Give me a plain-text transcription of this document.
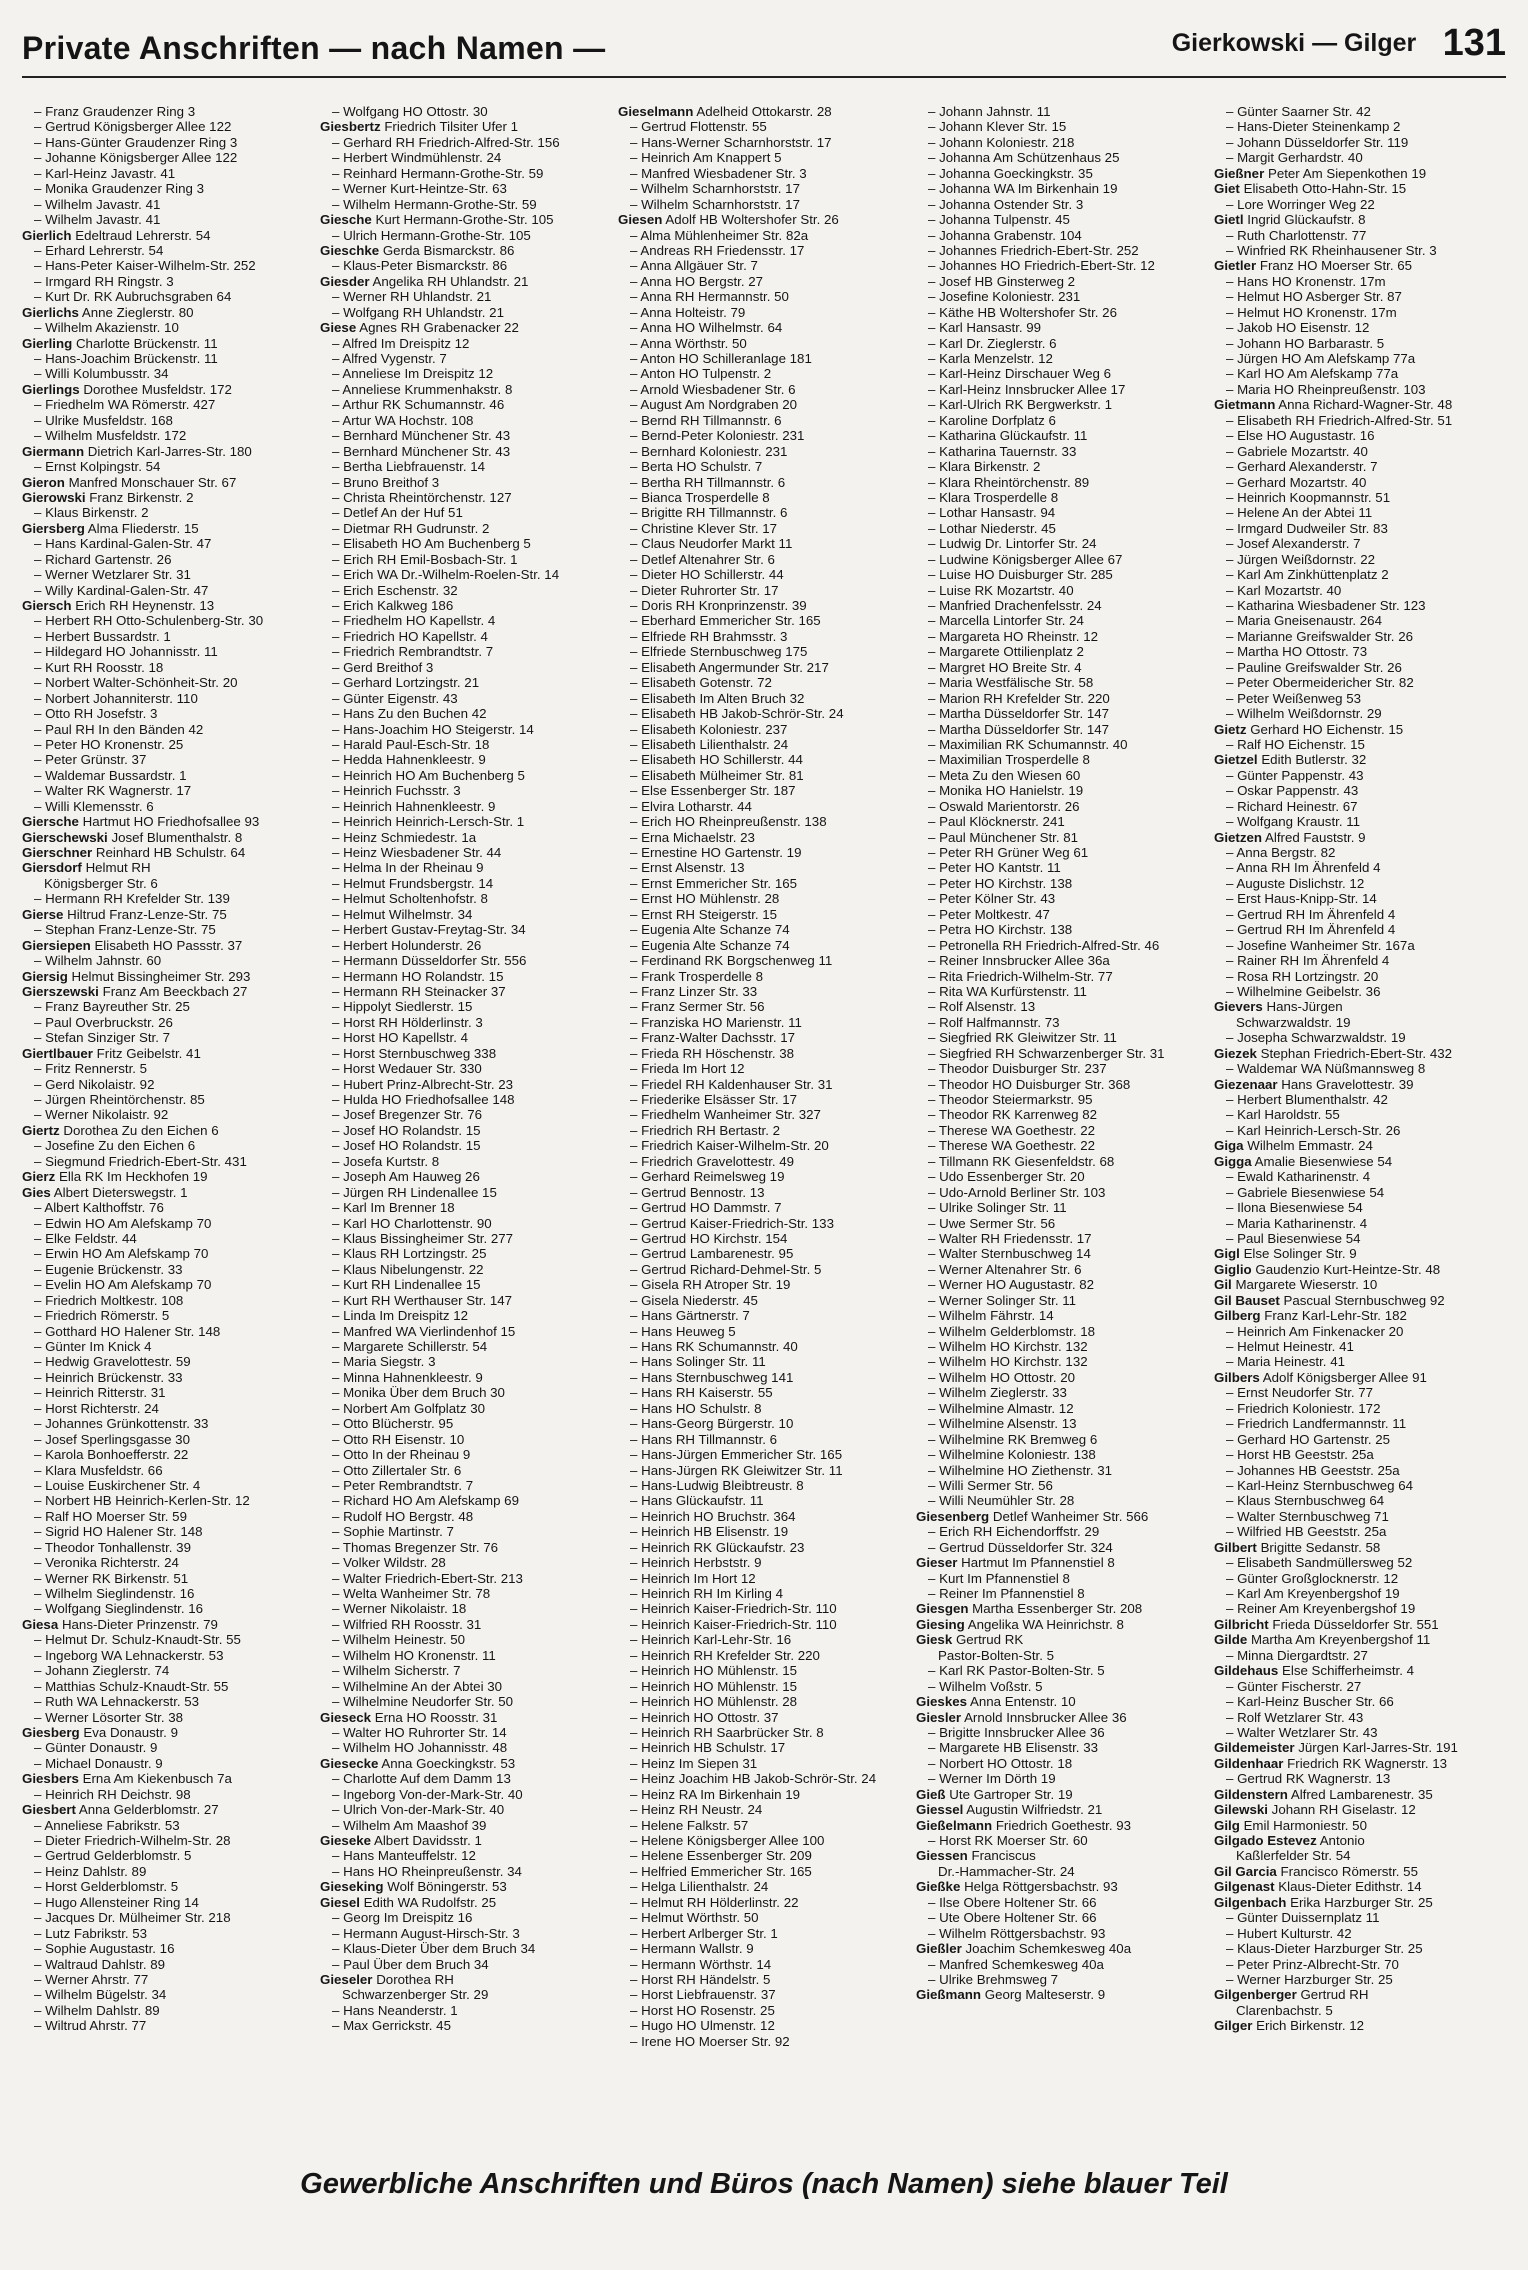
Private Anschriften — nach Namen —	Gierkowski — Gilger 131
– Franz Graudenzer Ring 3
– Gertrud Königsberger Allee 122
– Hans-Günter Graudenzer Ring 3
– Johanne Königsberger Allee 122
– Karl-Heinz Javastr. 41
– Monika Graudenzer Ring 3
– Wilhelm Javastr. 41
– Wilhelm Javastr. 41
Gierlich Edeltraud Lehrerstr. 54
– Erhard Lehrerstr. 54
– Hans-Peter Kaiser-Wilhelm-Str. 252
– Irmgard RH Ringstr. 3
– Kurt Dr. RK Aubruchsgraben 64
Gierlichs Anne Zieglerstr. 80
– Wilhelm Akazienstr. 10
Gierling Charlotte Brückenstr. 11
– Hans-Joachim Brückenstr. 11
– Willi Kolumbusstr. 34
Gierlings Dorothee Musfeldstr. 172
– Friedhelm WA Römerstr. 427
– Ulrike Musfeldstr. 168
– Wilhelm Musfeldstr. 172
Giermann Dietrich Karl-Jarres-Str. 180
– Ernst Kolpingstr. 54
Gieron Manfred Monschauer Str. 67
Gierowski Franz Birkenstr. 2
– Klaus Birkenstr. 2
Giersberg Alma Fliederstr. 15
– Hans Kardinal-Galen-Str. 47
– Richard Gartenstr. 26
– Werner Wetzlarer Str. 31
– Willy Kardinal-Galen-Str. 47
Giersch Erich RH Heynenstr. 13
– Herbert RH Otto-Schulenberg-Str. 30
– Herbert Bussardstr. 1
– Hildegard HO Johannisstr. 11
– Kurt RH Roosstr. 18
– Norbert Walter-Schönheit-Str. 20
– Norbert Johanniterstr. 110
– Otto RH Josefstr. 3
– Paul RH In den Bänden 42
– Peter HO Kronenstr. 25
– Peter Grünstr. 37
– Waldemar Bussardstr. 1
– Walter RK Wagnerstr. 17
– Willi Klemensstr. 6
Giersche Hartmut HO Friedhofsallee 93
Gierschewski Josef Blumenthalstr. 8
Gierschner Reinhard HB Schulstr. 64
Giersdorf Helmut RH
Königsberger Str. 6
– Hermann RH Krefelder Str. 139
Gierse Hiltrud Franz-Lenze-Str. 75
– Stephan Franz-Lenze-Str. 75
Giersiepen Elisabeth HO Passstr. 37
– Wilhelm Jahnstr. 60
Giersig Helmut Bissingheimer Str. 293
Gierszewski Franz Am Beeckbach 27
– Franz Bayreuther Str. 25
– Paul Overbruckstr. 26
– Stefan Sinziger Str. 7
Giertlbauer Fritz Geibelstr. 41
– Fritz Rennerstr. 5
– Gerd Nikolaistr. 92
– Jürgen Rheintörchenstr. 85
– Werner Nikolaistr. 92
Giertz Dorothea Zu den Eichen 6
– Josefine Zu den Eichen 6
– Siegmund Friedrich-Ebert-Str. 431
Gierz Ella RK Im Heckhofen 19
Gies Albert Dieterswegstr. 1
– Albert Kalthoffstr. 76
– Edwin HO Am Alefskamp 70
– Elke Feldstr. 44
– Erwin HO Am Alefskamp 70
– Eugenie Brückenstr. 33
– Evelin HO Am Alefskamp 70
– Friedrich Moltkestr. 108
– Friedrich Römerstr. 5
– Gotthard HO Halener Str. 148
– Günter Im Knick 4
– Hedwig Gravelottestr. 59
– Heinrich Brückenstr. 33
– Heinrich Ritterstr. 31
– Horst Richterstr. 24
– Johannes Grünkottenstr. 33
– Josef Sperlingsgasse 30
– Karola Bonhoefferstr. 22
– Klara Musfeldstr. 66
– Louise Euskirchener Str. 4
– Norbert HB Heinrich-Kerlen-Str. 12
– Ralf HO Moerser Str. 59
– Sigrid HO Halener Str. 148
– Theodor Tonhallenstr. 39
– Veronika Richterstr. 24
– Werner RK Birkenstr. 51
– Wilhelm Sieglindenstr. 16
– Wolfgang Sieglindenstr. 16
Giesa Hans-Dieter Prinzenstr. 79
– Helmut Dr. Schulz-Knaudt-Str. 55
– Ingeborg WA Lehnackerstr. 53
– Johann Zieglerstr. 74
– Matthias Schulz-Knaudt-Str. 55
– Ruth WA Lehnackerstr. 53
– Werner Lösorter Str. 38
Giesberg Eva Donaustr. 9
– Günter Donaustr. 9
– Michael Donaustr. 9
Giesbers Erna Am Kiekenbusch 7a
– Heinrich RH Deichstr. 98
Giesbert Anna Gelderblomstr. 27
– Anneliese Fabrikstr. 53
– Dieter Friedrich-Wilhelm-Str. 28
– Gertrud Gelderblomstr. 5
– Heinz Dahlstr. 89
– Horst Gelderblomstr. 5
– Hugo Allensteiner Ring 14
– Jacques Dr. Mülheimer Str. 218
– Lutz Fabrikstr. 53
– Sophie Augustastr. 16
– Waltraud Dahlstr. 89
– Werner Ahrstr. 77
– Wilhelm Bügelstr. 34
– Wilhelm Dahlstr. 89
– Wiltrud Ahrstr. 77
– Wolfgang HO Ottostr. 30
Giesbertz Friedrich Tilsiter Ufer 1
– Gerhard RH Friedrich-Alfred-Str. 156
– Herbert Windmühlenstr. 24
– Reinhard Hermann-Grothe-Str. 59
– Werner Kurt-Heintze-Str. 63
– Wilhelm Hermann-Grothe-Str. 59
Giesche Kurt Hermann-Grothe-Str. 105
– Ulrich Hermann-Grothe-Str. 105
Gieschke Gerda Bismarckstr. 86
– Klaus-Peter Bismarckstr. 86
Giesder Angelika RH Uhlandstr. 21
– Werner RH Uhlandstr. 21
– Wolfgang RH Uhlandstr. 21
Giese Agnes RH Grabenacker 22
– Alfred Im Dreispitz 12
– Alfred Vygenstr. 7
– Anneliese Im Dreispitz 12
– Anneliese Krummenhakstr. 8
– Arthur RK Schumannstr. 46
– Artur WA Hochstr. 108
– Bernhard Münchener Str. 43
– Bernhard Münchener Str. 43
– Bertha Liebfrauenstr. 14
– Bruno Breithof 3
– Christa Rheintörchenstr. 127
– Detlef An der Huf 51
– Dietmar RH Gudrunstr. 2
– Elisabeth HO Am Buchenberg 5
– Erich RH Emil-Bosbach-Str. 1
– Erich WA Dr.-Wilhelm-Roelen-Str. 14
– Erich Eschenstr. 32
– Erich Kalkweg 186
– Friedhelm HO Kapellstr. 4
– Friedrich HO Kapellstr. 4
– Friedrich Rembrandtstr. 7
– Gerd Breithof 3
– Gerhard Lortzingstr. 21
– Günter Eigenstr. 43
– Hans Zu den Buchen 42
– Hans-Joachim HO Steigerstr. 14
– Harald Paul-Esch-Str. 18
– Hedda Hahnenkleestr. 9
– Heinrich HO Am Buchenberg 5
– Heinrich Fuchsstr. 3
– Heinrich Hahnenkleestr. 9
– Heinrich Heinrich-Lersch-Str. 1
– Heinz Schmiedestr. 1a
– Heinz Wiesbadener Str. 44
– Helma In der Rheinau 9
– Helmut Frundsbergstr. 14
– Helmut Scholtenhofstr. 8
– Helmut Wilhelmstr. 34
– Herbert Gustav-Freytag-Str. 34
– Herbert Holunderstr. 26
– Hermann Düsseldorfer Str. 556
– Hermann HO Rolandstr. 15
– Hermann RH Steinacker 37
– Hippolyt Siedlerstr. 15
– Horst RH Hölderlinstr. 3
– Horst HO Kapellstr. 4
– Horst Sternbuschweg 338
– Horst Wedauer Str. 330
– Hubert Prinz-Albrecht-Str. 23
– Hulda HO Friedhofsallee 148
– Josef Bregenzer Str. 76
– Josef HO Rolandstr. 15
– Josef HO Rolandstr. 15
– Josefa Kurtstr. 8
– Joseph Am Hauweg 26
– Jürgen RH Lindenallee 15
– Karl Im Brenner 18
– Karl HO Charlottenstr. 90
– Klaus Bissingheimer Str. 277
– Klaus RH Lortzingstr. 25
– Klaus Nibelungenstr. 22
– Kurt RH Lindenallee 15
– Kurt RH Werthauser Str. 147
– Linda Im Dreispitz 12
– Manfred WA Vierlindenhof 15
– Margarete Schillerstr. 54
– Maria Siegstr. 3
– Minna Hahnenkleestr. 9
– Monika Über dem Bruch 30
– Norbert Am Golfplatz 30
– Otto Blücherstr. 95
– Otto RH Eisenstr. 10
– Otto In der Rheinau 9
– Otto Zillertaler Str. 6
– Peter Rembrandtstr. 7
– Richard HO Am Alefskamp 69
– Rudolf HO Bergstr. 48
– Sophie Martinstr. 7
– Thomas Bregenzer Str. 76
– Volker Wildstr. 28
– Walter Friedrich-Ebert-Str. 213
– Welta Wanheimer Str. 78
– Werner Nikolaistr. 18
– Wilfried RH Roosstr. 31
– Wilhelm Heinestr. 50
– Wilhelm HO Kronenstr. 11
– Wilhelm Sicherstr. 7
– Wilhelmine An der Abtei 30
– Wilhelmine Neudorfer Str. 50
Gieseck Erna HO Roosstr. 31
– Walter HO Ruhrorter Str. 14
– Wilhelm HO Johannisstr. 48
Giesecke Anna Goeckingkstr. 53
– Charlotte Auf dem Damm 13
– Ingeborg Von-der-Mark-Str. 40
– Ulrich Von-der-Mark-Str. 40
– Wilhelm Am Maashof 39
Gieseke Albert Davidsstr. 1
– Hans Manteuffelstr. 12
– Hans HO Rheinpreußenstr. 34
Gieseking Wolf Böningerstr. 53
Giesel Edith WA Rudolfstr. 25
– Georg Im Dreispitz 16
– Hermann August-Hirsch-Str. 3
– Klaus-Dieter Über dem Bruch 34
– Paul Über dem Bruch 34
Gieseler Dorothea RH
Schwarzenberger Str. 29
– Hans Neanderstr. 1
– Max Gerrickstr. 45
Gieselmann Adelheid Ottokarstr. 28
– Gertrud Flottenstr. 55
– Hans-Werner Scharnhorststr. 17
– Heinrich Am Knappert 5
– Manfred Wiesbadener Str. 3
– Wilhelm Scharnhorststr. 17
– Wilhelm Scharnhorststr. 17
Giesen Adolf HB Woltershofer Str. 26
– Alma Mühlenheimer Str. 82a
– Andreas RH Friedensstr. 17
– Anna Allgäuer Str. 7
– Anna HO Bergstr. 27
– Anna RH Hermannstr. 50
– Anna Holteistr. 79
– Anna HO Wilhelmstr. 64
– Anna Wörthstr. 50
– Anton HO Schilleranlage 181
– Anton HO Tulpenstr. 2
– Arnold Wiesbadener Str. 6
– August Am Nordgraben 20
– Bernd RH Tillmannstr. 6
– Bernd-Peter Koloniestr. 231
– Bernhard Koloniestr. 231
– Berta HO Schulstr. 7
– Bertha RH Tillmannstr. 6
– Bianca Trosperdelle 8
– Brigitte RH Tillmannstr. 6
– Christine Klever Str. 17
– Claus Neudorfer Markt 11
– Detlef Altenahrer Str. 6
– Dieter HO Schillerstr. 44
– Dieter Ruhrorter Str. 17
– Doris RH Kronprinzenstr. 39
– Eberhard Emmericher Str. 165
– Elfriede RH Brahmsstr. 3
– Elfriede Sternbuschweg 175
– Elisabeth Angermunder Str. 217
– Elisabeth Gotenstr. 72
– Elisabeth Im Alten Bruch 32
– Elisabeth HB Jakob-Schrör-Str. 24
– Elisabeth Koloniestr. 237
– Elisabeth Lilienthalstr. 24
– Elisabeth HO Schillerstr. 44
– Elisabeth Mülheimer Str. 81
– Else Essenberger Str. 187
– Elvira Lotharstr. 44
– Erich HO Rheinpreußenstr. 138
– Erna Michaelstr. 23
– Ernestine HO Gartenstr. 19
– Ernst Alsenstr. 13
– Ernst Emmericher Str. 165
– Ernst HO Mühlenstr. 28
– Ernst RH Steigerstr. 15
– Eugenia Alte Schanze 74
– Eugenia Alte Schanze 74
– Ferdinand RK Borgschenweg 11
– Frank Trosperdelle 8
– Franz Linzer Str. 33
– Franz Sermer Str. 56
– Franziska HO Marienstr. 11
– Franz-Walter Dachsstr. 17
– Frieda RH Höschenstr. 38
– Frieda Im Hort 12
– Friedel RH Kaldenhauser Str. 31
– Friederike Elsässer Str. 17
– Friedhelm Wanheimer Str. 327
– Friedrich RH Bertastr. 2
– Friedrich Kaiser-Wilhelm-Str. 20
– Friedrich Gravelottestr. 49
– Gerhard Reimelsweg 19
– Gertrud Bennostr. 13
– Gertrud HO Dammstr. 7
– Gertrud Kaiser-Friedrich-Str. 133
– Gertrud HO Kirchstr. 154
– Gertrud Lambarenestr. 95
– Gertrud Richard-Dehmel-Str. 5
– Gisela RH Atroper Str. 19
– Gisela Niederstr. 45
– Hans Gärtnerstr. 7
– Hans Heuweg 5
– Hans RK Schumannstr. 40
– Hans Solinger Str. 11
– Hans Sternbuschweg 141
– Hans RH Kaiserstr. 55
– Hans HO Schulstr. 8
– Hans-Georg Bürgerstr. 10
– Hans RH Tillmannstr. 6
– Hans-Jürgen Emmericher Str. 165
– Hans-Jürgen RK Gleiwitzer Str. 11
– Hans-Ludwig Bleibtreustr. 8
– Hans Glückaufstr. 11
– Heinrich HO Bruchstr. 364
– Heinrich HB Elisenstr. 19
– Heinrich RK Glückaufstr. 23
– Heinrich Herbststr. 9
– Heinrich Im Hort 12
– Heinrich RH Im Kirling 4
– Heinrich Kaiser-Friedrich-Str. 110
– Heinrich Kaiser-Friedrich-Str. 110
– Heinrich Karl-Lehr-Str. 16
– Heinrich RH Krefelder Str. 220
– Heinrich HO Mühlenstr. 15
– Heinrich HO Mühlenstr. 15
– Heinrich HO Mühlenstr. 28
– Heinrich HO Ottostr. 37
– Heinrich RH Saarbrücker Str. 8
– Heinrich HB Schulstr. 17
– Heinz Im Siepen 31
– Heinz Joachim HB Jakob-Schrör-Str. 24
– Heinz RA Im Birkenhain 19
– Heinz RH Neustr. 24
– Helene Falkstr. 57
– Helene Königsberger Allee 100
– Helene Essenberger Str. 209
– Helfried Emmericher Str. 165
– Helga Lilienthalstr. 24
– Helmut RH Hölderlinstr. 22
– Helmut Wörthstr. 50
– Herbert Arlberger Str. 1
– Hermann Wallstr. 9
– Hermann Wörthstr. 14
– Horst RH Händelstr. 5
– Horst Liebfrauenstr. 37
– Horst HO Rosenstr. 25
– Hugo HO Ulmenstr. 12
– Irene HO Moerser Str. 92
– Johann Jahnstr. 11
– Johann Klever Str. 15
– Johann Koloniestr. 218
– Johanna Am Schützenhaus 25
– Johanna Goeckingkstr. 35
– Johanna WA Im Birkenhain 19
– Johanna Ostender Str. 3
– Johanna Tulpenstr. 45
– Johanna Grabenstr. 104
– Johannes Friedrich-Ebert-Str. 252
– Johannes HO Friedrich-Ebert-Str. 12
– Josef HB Ginsterweg 2
– Josefine Koloniestr. 231
– Käthe HB Woltershofer Str. 26
– Karl Hansastr. 99
– Karl Dr. Zieglerstr. 6
– Karla Menzelstr. 12
– Karl-Heinz Dirschauer Weg 6
– Karl-Heinz Innsbrucker Allee 17
– Karl-Ulrich RK Bergwerkstr. 1
– Karoline Dorfplatz 6
– Katharina Glückaufstr. 11
– Katharina Tauernstr. 33
– Klara Birkenstr. 2
– Klara Rheintörchenstr. 89
– Klara Trosperdelle 8
– Lothar Hansastr. 94
– Lothar Niederstr. 45
– Ludwig Dr. Lintorfer Str. 24
– Ludwine Königsberger Allee 67
– Luise HO Duisburger Str. 285
– Luise RK Mozartstr. 40
– Manfried Drachenfelsstr. 24
– Marcella Lintorfer Str. 24
– Margareta HO Rheinstr. 12
– Margarete Ottilienplatz 2
– Margret HO Breite Str. 4
– Maria Westfälische Str. 58
– Marion RH Krefelder Str. 220
– Martha Düsseldorfer Str. 147
– Martha Düsseldorfer Str. 147
– Maximilian RK Schumannstr. 40
– Maximilian Trosperdelle 8
– Meta Zu den Wiesen 60
– Monika HO Hanielstr. 19
– Oswald Marientorstr. 26
– Paul Klöcknerstr. 241
– Paul Münchener Str. 81
– Peter RH Grüner Weg 61
– Peter HO Kantstr. 11
– Peter HO Kirchstr. 138
– Peter Kölner Str. 43
– Peter Moltkestr. 47
– Petra HO Kirchstr. 138
– Petronella RH Friedrich-Alfred-Str. 46
– Reiner Innsbrucker Allee 36a
– Rita Friedrich-Wilhelm-Str. 77
– Rita WA Kurfürstenstr. 11
– Rolf Alsenstr. 13
– Rolf Halfmannstr. 73
– Siegfried RK Gleiwitzer Str. 11
– Siegfried RH Schwarzenberger Str. 31
– Theodor Duisburger Str. 237
– Theodor HO Duisburger Str. 368
– Theodor Steiermarkstr. 95
– Theodor RK Karrenweg 82
– Therese WA Goethestr. 22
– Therese WA Goethestr. 22
– Tillmann RK Giesenfeldstr. 68
– Udo Essenberger Str. 20
– Udo-Arnold Berliner Str. 103
– Ulrike Solinger Str. 11
– Uwe Sermer Str. 56
– Walter RH Friedensstr. 17
– Walter Sternbuschweg 14
– Werner Altenahrer Str. 6
– Werner HO Augustastr. 82
– Werner Solinger Str. 11
– Wilhelm Fährstr. 14
– Wilhelm Gelderblomstr. 18
– Wilhelm HO Kirchstr. 132
– Wilhelm HO Kirchstr. 132
– Wilhelm HO Ottostr. 20
– Wilhelm Zieglerstr. 33
– Wilhelmine Almastr. 12
– Wilhelmine Alsenstr. 13
– Wilhelmine RK Bremweg 6
– Wilhelmine Koloniestr. 138
– Wilhelmine HO Ziethenstr. 31
– Willi Sermer Str. 56
– Willi Neumühler Str. 28
Giesenberg Detlef Wanheimer Str. 566
– Erich RH Eichendorffstr. 29
– Gertrud Düsseldorfer Str. 324
Gieser Hartmut Im Pfannenstiel 8
– Kurt Im Pfannenstiel 8
– Reiner Im Pfannenstiel 8
Giesgen Martha Essenberger Str. 208
Giesing Angelika WA Heinrichstr. 8
Giesk Gertrud RK
Pastor-Bolten-Str. 5
– Karl RK Pastor-Bolten-Str. 5
– Wilhelm Voßstr. 5
Gieskes Anna Entenstr. 10
Giesler Arnold Innsbrucker Allee 36
– Brigitte Innsbrucker Allee 36
– Margarete HB Elisenstr. 33
– Norbert HO Ottostr. 18
– Werner Im Dörth 19
Gieß Ute Gartroper Str. 19
Giessel Augustin Wilfriedstr. 21
Gießelmann Friedrich Goethestr. 93
– Horst RK Moerser Str. 60
Giessen Franciscus
Dr.-Hammacher-Str. 24
Gießke Helga Röttgersbachstr. 93
– Ilse Obere Holtener Str. 66
– Ute Obere Holtener Str. 66
– Wilhelm Röttgersbachstr. 93
Gießler Joachim Schemkesweg 40a
– Manfred Schemkesweg 40a
– Ulrike Brehmsweg 7
Gießmann Georg Malteserstr. 9
– Günter Saarner Str. 42
– Hans-Dieter Steinenkamp 2
– Johann Düsseldorfer Str. 119
– Margit Gerhardstr. 40
Gießner Peter Am Siepenkothen 19
Giet Elisabeth Otto-Hahn-Str. 15
– Lore Worringer Weg 22
Gietl Ingrid Glückaufstr. 8
– Ruth Charlottenstr. 77
– Winfried RK Rheinhausener Str. 3
Gietler Franz HO Moerser Str. 65
– Hans HO Kronenstr. 17m
– Helmut HO Asberger Str. 87
– Helmut HO Kronenstr. 17m
– Jakob HO Eisenstr. 12
– Johann HO Barbarastr. 5
– Jürgen HO Am Alefskamp 77a
– Karl HO Am Alefskamp 77a
– Maria HO Rheinpreußenstr. 103
Gietmann Anna Richard-Wagner-Str. 48
– Elisabeth RH Friedrich-Alfred-Str. 51
– Else HO Augustastr. 16
– Gabriele Mozartstr. 40
– Gerhard Alexanderstr. 7
– Gerhard Mozartstr. 40
– Heinrich Koopmannstr. 51
– Helene An der Abtei 11
– Irmgard Dudweiler Str. 83
– Josef Alexanderstr. 7
– Jürgen Weißdornstr. 22
– Karl Am Zinkhüttenplatz 2
– Karl Mozartstr. 40
– Katharina Wiesbadener Str. 123
– Maria Gneisenaustr. 264
– Marianne Greifswalder Str. 26
– Martha HO Ottostr. 73
– Pauline Greifswalder Str. 26
– Peter Obermeidericher Str. 82
– Peter Weißenweg 53
– Wilhelm Weißdornstr. 29
Gietz Gerhard HO Eichenstr. 15
– Ralf HO Eichenstr. 15
Gietzel Edith Butlerstr. 32
– Günter Pappenstr. 43
– Oskar Pappenstr. 43
– Richard Heinestr. 67
– Wolfgang Kraustr. 11
Gietzen Alfred Fauststr. 9
– Anna Bergstr. 82
– Anna RH Im Ährenfeld 4
– Auguste Dislichstr. 12
– Erst Haus-Knipp-Str. 14
– Gertrud RH Im Ährenfeld 4
– Gertrud RH Im Ährenfeld 4
– Josefine Wanheimer Str. 167a
– Rainer RH Im Ährenfeld 4
– Rosa RH Lortzingstr. 20
– Wilhelmine Geibelstr. 36
Gievers Hans-Jürgen
Schwarzwaldstr. 19
– Josepha Schwarzwaldstr. 19
Giezek Stephan Friedrich-Ebert-Str. 432
– Waldemar WA Nüßmannsweg 8
Giezenaar Hans Gravelottestr. 39
– Herbert Blumenthalstr. 42
– Karl Haroldstr. 55
– Karl Heinrich-Lersch-Str. 26
Giga Wilhelm Emmastr. 24
Gigga Amalie Biesenwiese 54
– Ewald Katharinenstr. 4
– Gabriele Biesenwiese 54
– Ilona Biesenwiese 54
– Maria Katharinenstr. 4
– Paul Biesenwiese 54
Gigl Else Solinger Str. 9
Giglio Gaudenzio Kurt-Heintze-Str. 48
Gil Margarete Wieserstr. 10
Gil Bauset Pascual Sternbuschweg 92
Gilberg Franz Karl-Lehr-Str. 182
– Heinrich Am Finkenacker 20
– Helmut Heinestr. 41
– Maria Heinestr. 41
Gilbers Adolf Königsberger Allee 91
– Ernst Neudorfer Str. 77
– Friedrich Koloniestr. 172
– Friedrich Landfermannstr. 11
– Gerhard HO Gartenstr. 25
– Horst HB Geeststr. 25a
– Johannes HB Geeststr. 25a
– Karl-Heinz Sternbuschweg 64
– Klaus Sternbuschweg 64
– Walter Sternbuschweg 71
– Wilfried HB Geeststr. 25a
Gilbert Brigitte Sedanstr. 58
– Elisabeth Sandmüllersweg 52
– Günter Großglocknerstr. 12
– Karl Am Kreyenbergshof 19
– Reiner Am Kreyenbergshof 19
Gilbricht Frieda Düsseldorfer Str. 551
Gilde Martha Am Kreyenbergshof 11
– Minna Diergardtstr. 27
Gildehaus Else Schifferheimstr. 4
– Günter Fischerstr. 27
– Karl-Heinz Buscher Str. 66
– Rolf Wetzlarer Str. 43
– Walter Wetzlarer Str. 43
Gildemeister Jürgen Karl-Jarres-Str. 191
Gildenhaar Friedrich RK Wagnerstr. 13
– Gertrud RK Wagnerstr. 13
Gildenstern Alfred Lambarenestr. 35
Gilewski Johann RH Giselastr. 12
Gilg Emil Harmoniestr. 50
Gilgado Estevez Antonio
Kaßlerfelder Str. 54
Gil Garcia Francisco Römerstr. 55
Gilgenast Klaus-Dieter Edithstr. 14
Gilgenbach Erika Harzburger Str. 25
– Günter Duissernplatz 11
– Hubert Kulturstr. 42
– Klaus-Dieter Harzburger Str. 25
– Peter Prinz-Albrecht-Str. 70
– Werner Harzburger Str. 25
Gilgenberger Gertrud RH
Clarenbachstr. 5
Gilger Erich Birkenstr. 12
Gewerbliche Anschriften und Büros (nach Namen) siehe blauer Teil
